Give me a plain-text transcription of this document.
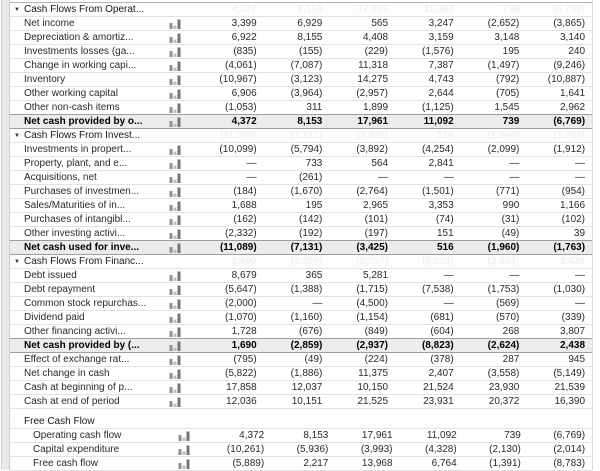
▼ Cash Flows From Operat...	4,372	8,153	17,961	11,092	739	(6,769)
Net income	3,399	6,929	565	3,247	(2,652)	(3,865)
Depreciation & amortiz...	6,922	8,155	4,408	3,159	3,148	3,140
Investments losses (ga...	(835)	(155)	(229)	(1,576)	195	240
Change in working capi...	(4,061)	(7,087)	11,318	7,387	(1,497)	(9,246)
Inventory	(10,967)	(3,123)	14,275	4,743	(792)	(10,887)
Other working capital	6,906	(3,964)	(2,957)	2,644	(705)	1,641
Other non-cash items	(1,053)	311	1,899	(1,125)	1,545	2,962
Net cash provided by o...	4,372	8,153	17,961	11,092	739	(6,769)
▼ Cash Flows From Invest...	(11,089)	(7,131)	(3,425)	516	(1,960)	(1,763)
Investments in propert...	(10,099)	(5,794)	(3,892)	(4,254)	(2,099)	(1,912)
Property, plant, and e...	—	733	564	2,841	—	—
Acquisitions, net	—	(261)	—	—	—	—
Purchases of investmen...	(184)	(1,670)	(2,764)	(1,501)	(771)	(954)
Sales/Maturities of in...	1,688	195	2,965	3,353	990	1,166
Purchases of intangibl...	(162)	(142)	(101)	(74)	(31)	(102)
Other investing activi...	(2,332)	(192)	(197)	151	(49)	39
Net cash used for inve...	(11,089)	(7,131)	(3,425)	516	(1,960)	(1,763)
▼ Cash Flows From Financ...	1,690	(2,859)	(2,937)	(8,823)	(2,624)	2,438
Debt issued	8,679	365	5,281	—	—	—
Debt repayment	(5,647)	(1,388)	(1,715)	(7,538)	(1,753)	(1,030)
Common stock repurchas...	(2,000)	—	(4,500)	—	(569)	—
Dividend paid	(1,070)	(1,160)	(1,154)	(681)	(570)	(339)
Other financing activi...	1,728	(676)	(849)	(604)	268	3,807
Net cash provided by (...	1,690	(2,859)	(2,937)	(8,823)	(2,624)	2,438
Effect of exchange rat...	(795)	(49)	(224)	(378)	287	945
Net change in cash	(5,822)	(1,886)	11,375	2,407	(3,558)	(5,149)
Cash at beginning of p...	17,858	12,037	10,150	21,524	23,930	21,539
Cash at end of period	12,036	10,151	21,525	23,931	20,372	16,390
Free Cash Flow
Operating cash flow	4,372	8,153	17,961	11,092	739	(6,769)
Capital expenditure	(10,261)	(5,936)	(3,993)	(4,328)	(2,130)	(2,014)
Free cash flow	(5,889)	2,217	13,968	6,764	(1,391)	(8,783)
